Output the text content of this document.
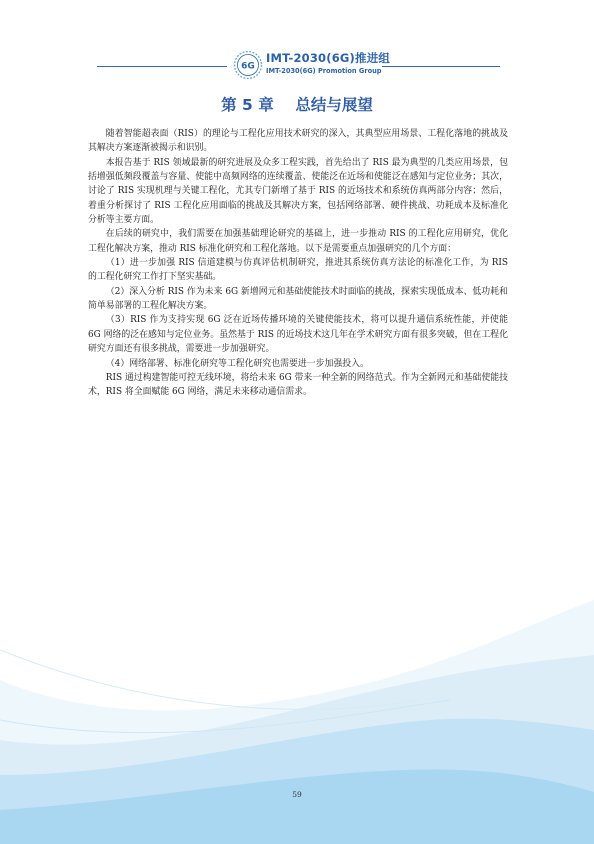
6G
IMT-2030(6G)推进组
IMT-2030(6G) Promotion Group
第 5 章    总结与展望

随着智能超表面（RIS）的理论与工程化应用技术研究的深入，其典型应用场景、工程化落地的挑战及其解决方案逐渐被揭示和识别。

本报告基于 RIS 领域最新的研究进展及众多工程实践，首先给出了 RIS 最为典型的几类应用场景，包括增强低频段覆盖与容量、使能中高频网络的连续覆盖、使能泛在近场和使能泛在感知与定位业务；其次，讨论了 RIS 实现机理与关键工程化，尤其专门新增了基于 RIS 的近场技术和系统仿真两部分内容；然后，着重分析探讨了 RIS 工程化应用面临的挑战及其解决方案，包括网络部署、硬件挑战、功耗成本及标准化分析等主要方面。

在后续的研究中，我们需要在加强基础理论研究的基础上，进一步推动 RIS 的工程化应用研究，优化工程化解决方案，推动 RIS 标准化研究和工程化落地。以下是需要重点加强研究的几个方面：

（1）进一步加强 RIS 信道建模与仿真评估机制研究，推进其系统仿真方法论的标准化工作，为 RIS 的工程化研究工作打下坚实基础。

（2）深入分析 RIS 作为未来 6G 新增网元和基础使能技术时面临的挑战，探索实现低成本、低功耗和简单易部署的工程化解决方案。

（3）RIS 作为支持实现 6G 泛在近场传播环境的关键使能技术，将可以提升通信系统性能，并使能 6G 网络的泛在感知与定位业务。虽然基于 RIS 的近场技术这几年在学术研究方面有很多突破，但在工程化研究方面还有很多挑战，需要进一步加强研究。

（4）网络部署、标准化研究等工程化研究也需要进一步加强投入。

RIS 通过构建智能可控无线环境，将给未来 6G 带来一种全新的网络范式。作为全新网元和基础使能技术，RIS 将全面赋能 6G 网络，满足未来移动通信需求。

59
